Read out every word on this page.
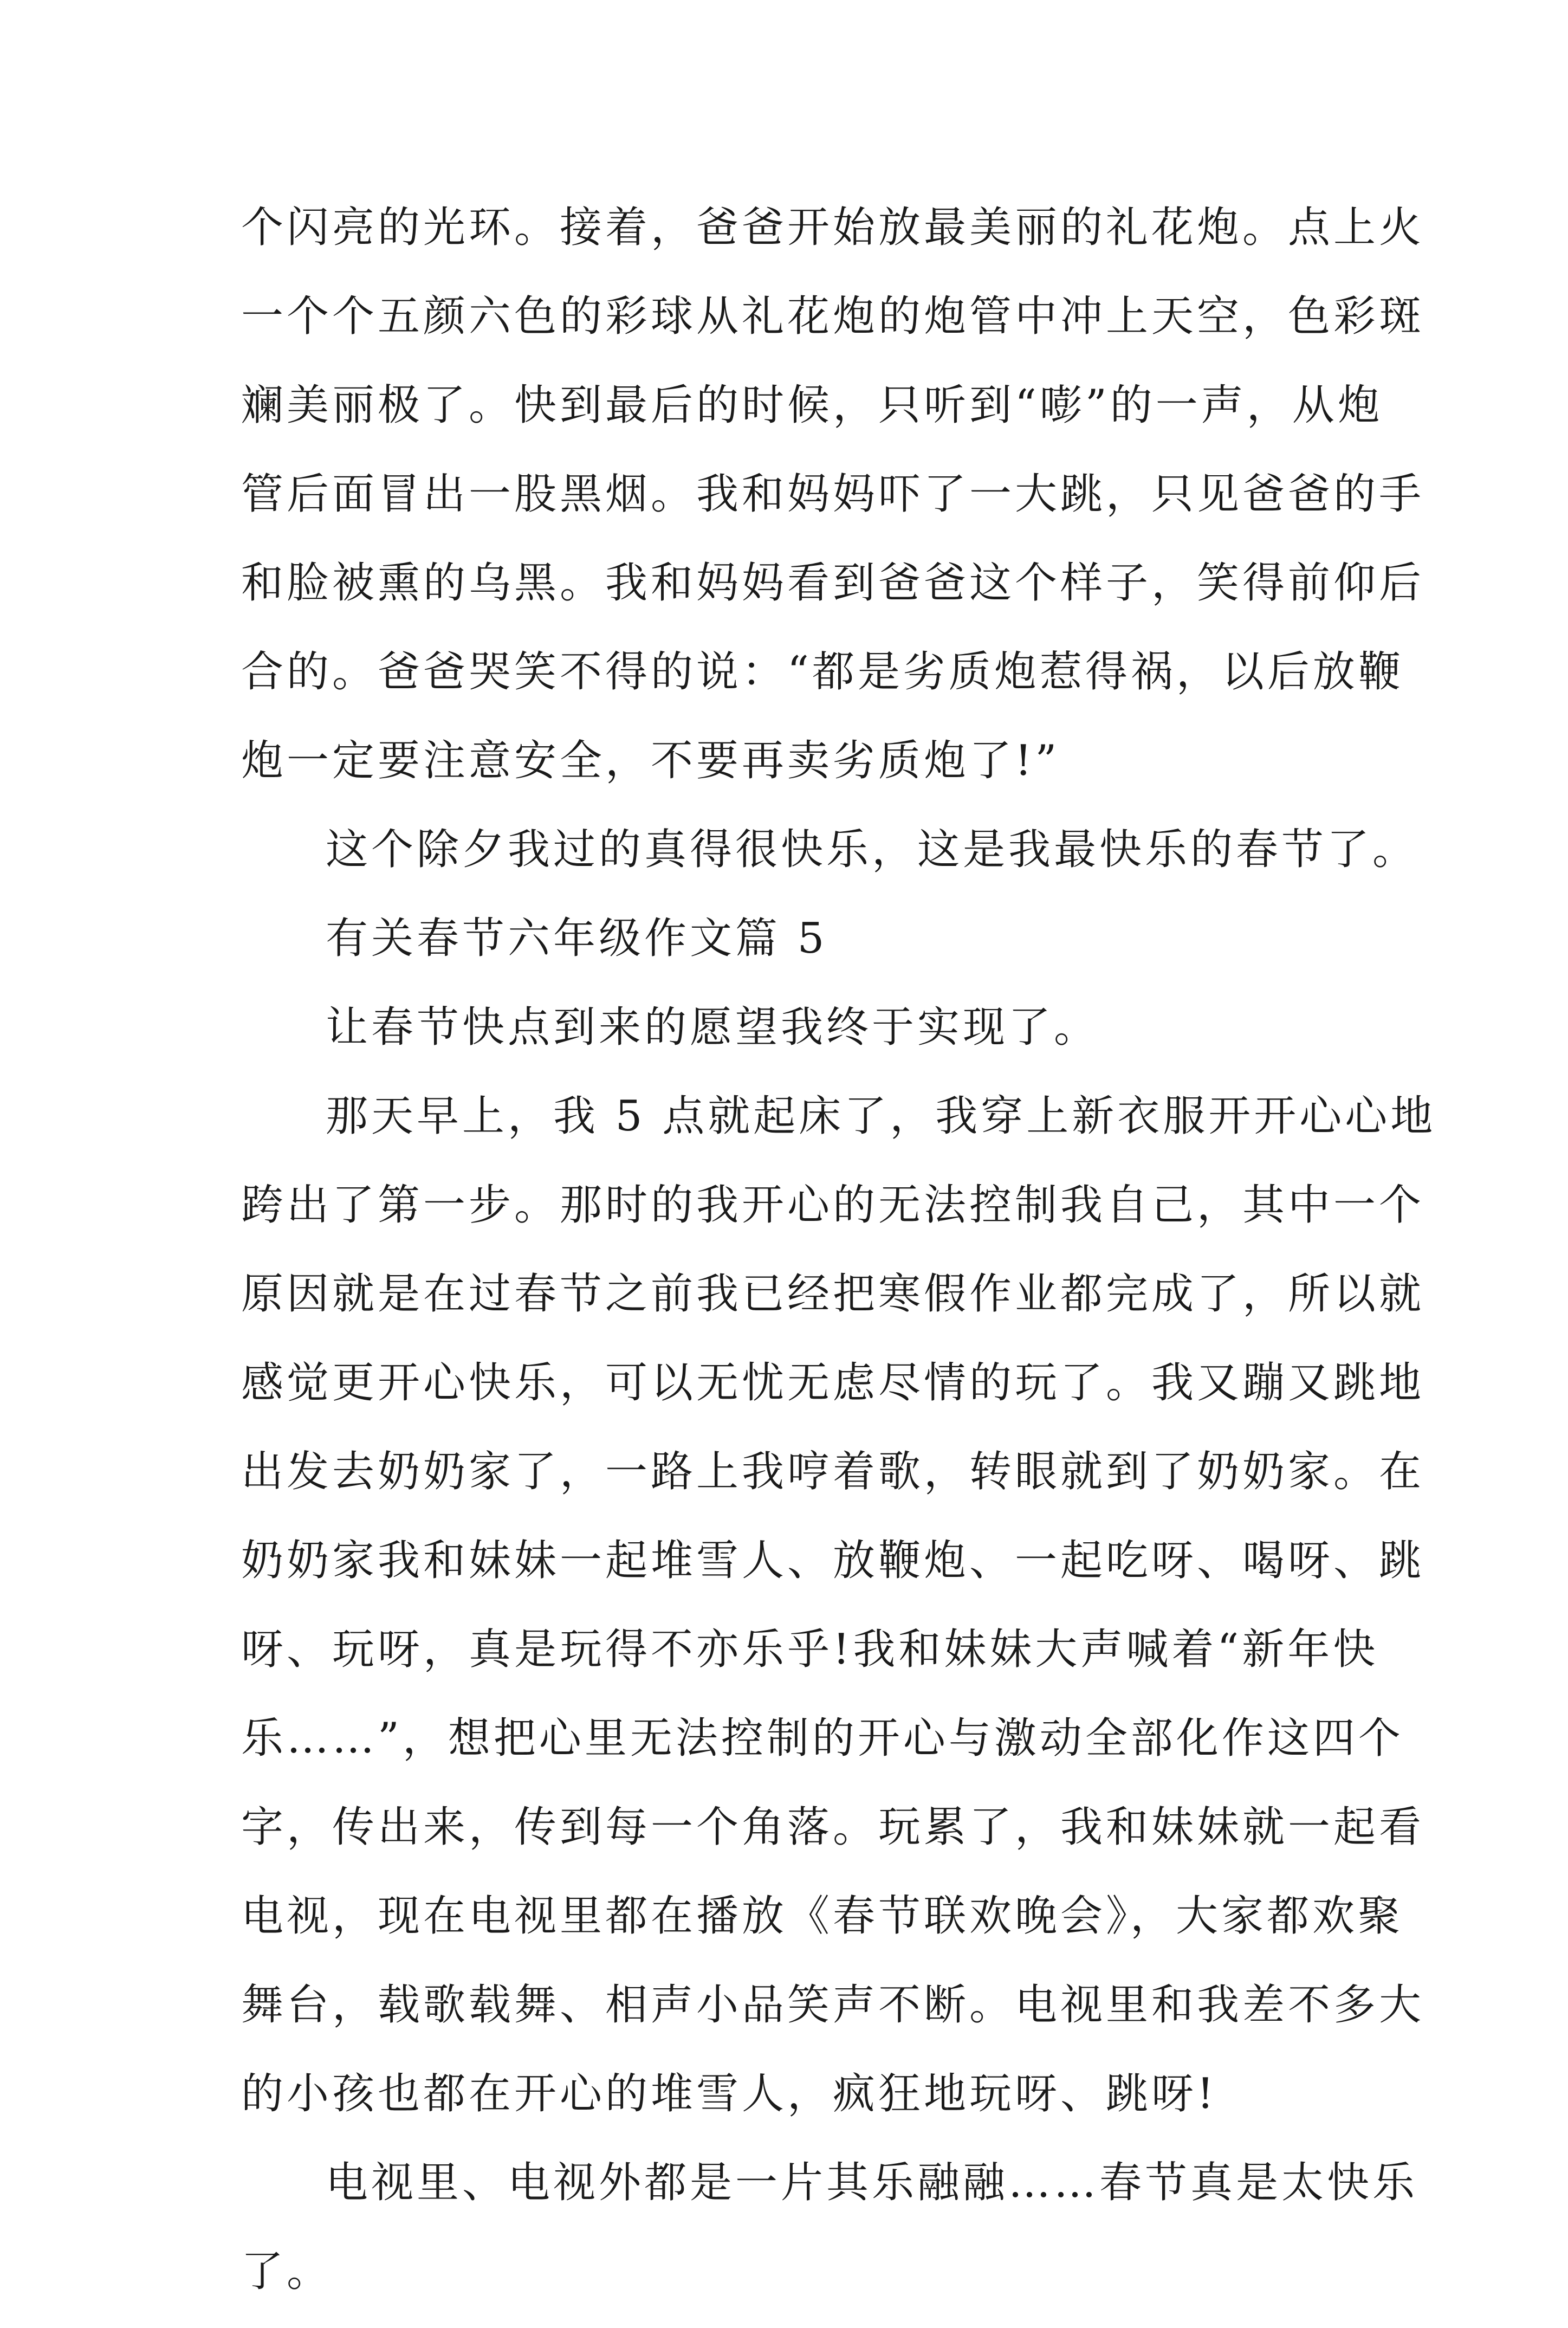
个闪亮的光环。接着，爸爸开始放最美丽的礼花炮。点上火
一个个五颜六色的彩球从礼花炮的炮管中冲上天空，色彩斑
斓美丽极了。快到最后的时候，只听到“嘭”的一声，从炮
管后面冒出一股黑烟。我和妈妈吓了一大跳，只见爸爸的手
和脸被熏的乌黑。我和妈妈看到爸爸这个样子，笑得前仰后
合的。爸爸哭笑不得的说：“都是劣质炮惹得祸，以后放鞭
炮一定要注意安全，不要再卖劣质炮了!”
这个除夕我过的真得很快乐，这是我最快乐的春节了。
有关春节六年级作文篇 5
让春节快点到来的愿望我终于实现了。
那天早上，我 5 点就起床了，我穿上新衣服开开心心地
跨出了第一步。那时的我开心的无法控制我自己，其中一个
原因就是在过春节之前我已经把寒假作业都完成了，所以就
感觉更开心快乐，可以无忧无虑尽情的玩了。我又蹦又跳地
出发去奶奶家了，一路上我哼着歌，转眼就到了奶奶家。在
奶奶家我和妹妹一起堆雪人、放鞭炮、一起吃呀、喝呀、跳
呀、玩呀，真是玩得不亦乐乎!我和妹妹大声喊着“新年快
乐……”，想把心里无法控制的开心与激动全部化作这四个
字，传出来，传到每一个角落。玩累了，我和妹妹就一起看
电视，现在电视里都在播放《春节联欢晚会》，大家都欢聚
舞台，载歌载舞、相声小品笑声不断。电视里和我差不多大
的小孩也都在开心的堆雪人，疯狂地玩呀、跳呀!
电视里、电视外都是一片其乐融融……春节真是太快乐
了。
